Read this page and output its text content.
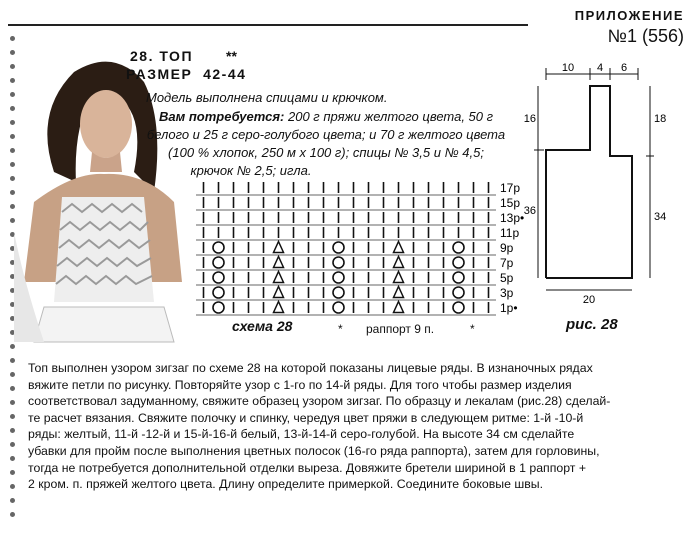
ПРИЛОЖЕНИЕ
№1 (556)
28. ТОП **
РАЗМЕР 42-44
Модель выполнена спицами и крючком.
Вам потребуется: 200 г пряжи желтого цвета, 50 г
белого и 25 г серо-голубого цвета; и 70 г желтого цвета
(100 % хлопок, 250 м х 100 г); спицы № 3,5 и № 4,5;
крючок № 2,5; игла.
17р
15р
13р•
11р
9р
7р
5р
3р
1р•
схема 28	* раппорт 9 п.	*
10 4 6
16
36
18
34
20
рис. 28
Топ выполнен узором зигзаг по схеме 28 на которой показаны лицевые ряды. В изнаночных рядах
вяжите петли по рисунку. Повторяйте узор с 1-го по 14-й ряды. Для того чтобы размер изделия
соответствовал задуманному, свяжите образец узором зигзаг. По образцу и лекалам (рис.28) сделай-
те расчет вязания. Свяжите полочку и спинку, чередуя цвет пряжи в следующем ритме: 1-й -10-й
ряды: желтый, 11-й -12-й и 15-й-16-й белый, 13-й-14-й серо-голубой. На высоте 34 см сделайте
убавки для пройм после выполнения цветных полосок (16-го ряда раппорта), затем для горловины,
тогда не потребуется дополнительной отделки выреза. Довяжите бретели шириной в 1 раппорт +
2 кром. п. пряжей желтого цвета. Длину определите примеркой. Соедините боковые швы.
